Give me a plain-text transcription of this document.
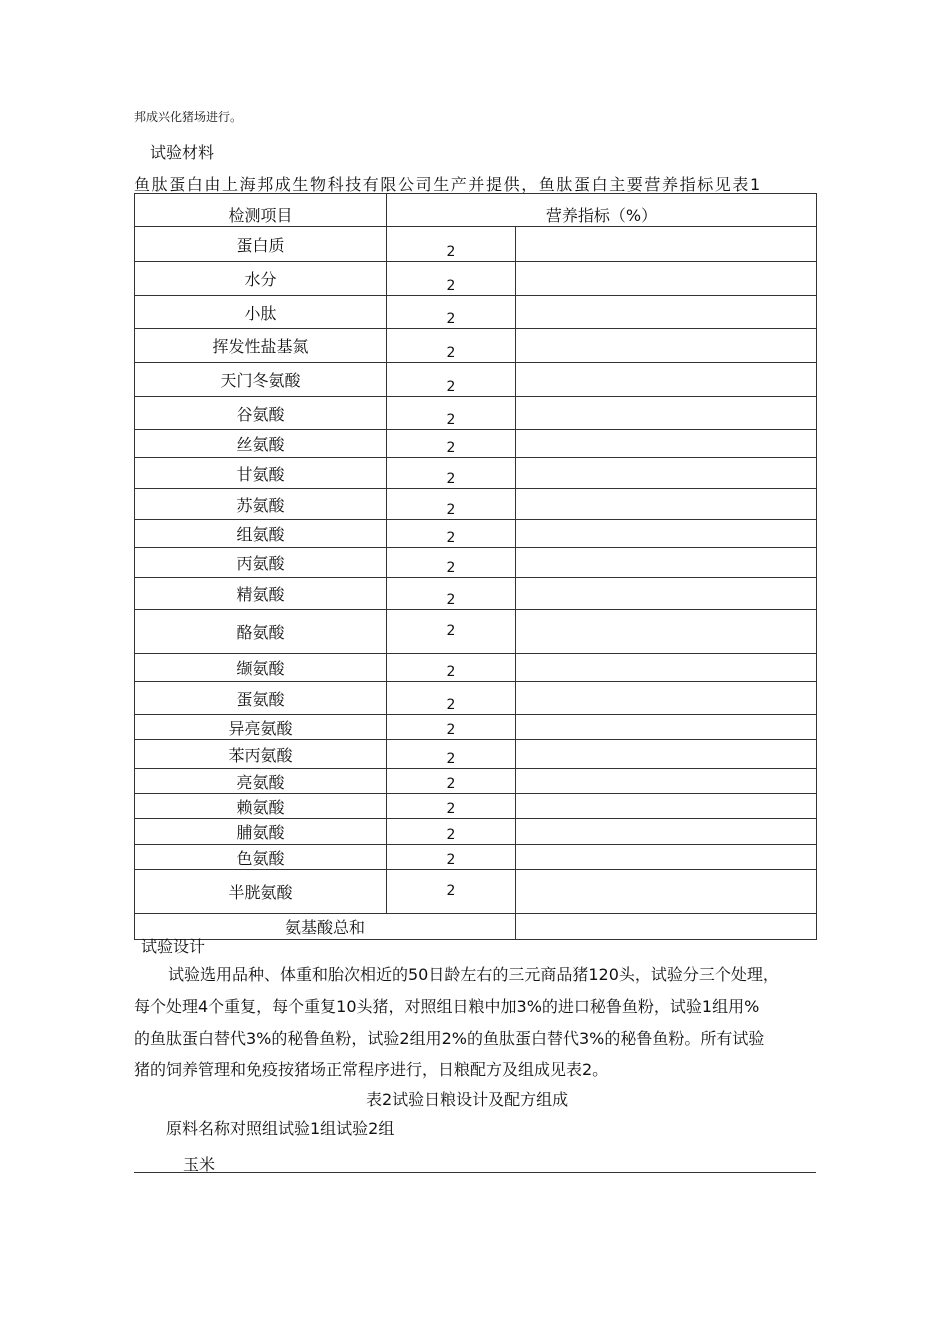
邦成兴化猪场进行。
试验材料
鱼肽蛋白由上海邦成生物科技有限公司生产并提供，鱼肽蛋白主要营养指标见表1
检测项目	营养指标（%）	
蛋白质	2	
水分	2	
小肽	2	
挥发性盐基氮	2	
天门冬氨酸	2	
谷氨酸	2	
丝氨酸	2	
甘氨酸	2	
苏氨酸	2	
组氨酸	2	
丙氨酸	2	
精氨酸	2	
酪氨酸	2	
缬氨酸	2	
蛋氨酸	2	
异亮氨酸	2	
苯丙氨酸	2	
亮氨酸	2	
赖氨酸	2	
脯氨酸	2	
色氨酸	2	
半胱氨酸	2	
氨基酸总和		
试验设计
试验选用品种、体重和胎次相近的50日龄左右的三元商品猪120头，试验分三个处理，
每个处理4个重复，每个重复10头猪，对照组日粮中加3%的进口秘鲁鱼粉，试验1组用%
的鱼肽蛋白替代3%的秘鲁鱼粉，试验2组用2%的鱼肽蛋白替代3%的秘鲁鱼粉。所有试验
猪的饲养管理和免疫按猪场正常程序进行，日粮配方及组成见表2。
表2试验日粮设计及配方组成
原料名称对照组试验1组试验2组
玉米
